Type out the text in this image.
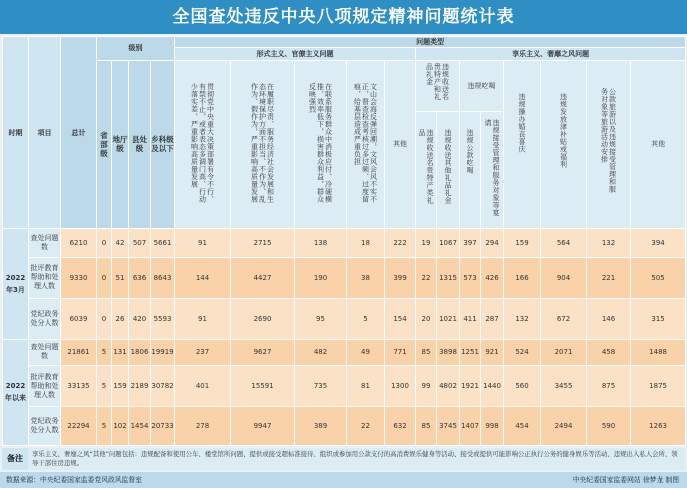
全国查处违反中央八项规定精神问题统计表
时期	项目	总计	级别				问题类型												
							形式主义、官僚主义问题					享乐主义、奢靡之风问题							
			省部级	地厅级	县处级	乡科级及以下	贯彻党中央重大决策部署有令不行、有禁不止，或者表态多调门高、行动少落实差，严重影响高质量发展	在履职尽责、服务经济社会发展和生态环境保护方面不担当、不作为、乱作为、假作为，严重影响高质量发展	在联系服务群众中消极应付、冷硬横推、效率低下，损害群众利益，群众反映强烈	文山会海反弹回潮，文风会风不实不正，督查检查考核过多过频、过度留痕，给基层造成严重负担	其他	违规收送名贵特产和礼品礼金		违规吃喝		违规操办婚丧喜庆	违规发放津补贴或福利	公款旅游以及违规接受管理和服务对象等旅游活动安排	其他
												违规收送名贵特产类礼品	违规收送其他礼品礼金	违规公款吃喝	违规接受管理和服务对象等宴请				
2022年3月	查处问题数	6210	0	42	507	5661	91	2715	138	18	222	19	1067	397	294	159	564	132	394
	批评教育帮助和处理人数	9330	0	51	636	8643	144	4427	190	38	399	22	1315	573	426	166	904	221	505
	党纪政务处分人数	6039	0	26	420	5593	91	2690	95	5	154	20	1021	411	287	132	672	146	315
2022年以来	查处问题数	21861	5	131	1806	19919	237	9627	482	49	771	85	3898	1251	921	524	2071	458	1488
	批评教育帮助和处理人数	33135	5	159	2189	30782	401	15591	735	81	1300	99	4802	1921	1440	560	3455	875	1875
	党纪政务处分人数	22294	5	102	1454	20733	278	9947	389	22	632	85	3745	1407	998	454	2494	590	1263
备注	享乐主义、奢靡之风“其他”问题包括：违规配备和使用公车、楼堂馆所问题、提供或接受超标准接待、组织或参加用公款支付的高消费娱乐健身等活动、接受或提供可能影响公正执行公务的健身娱乐等活动、违规出入私人会所、领导干部住房违规。
数据来源：中央纪委国家监委党风政风监督室	中央纪委国家监委网站 徐梦龙 制图
